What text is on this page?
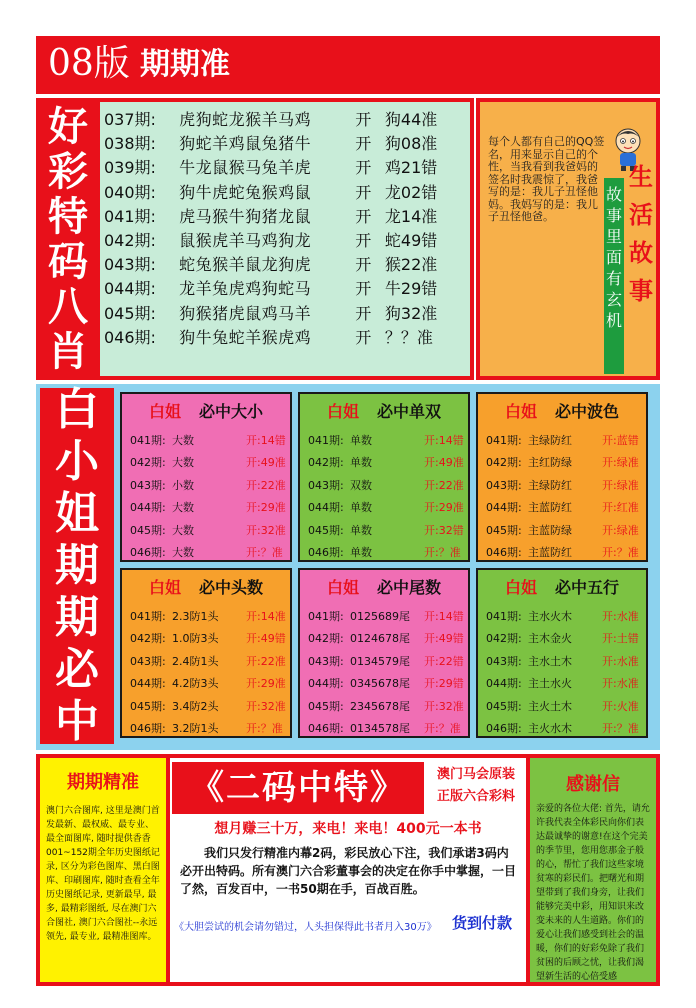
08版 期期准
好
彩
特
码
八
肖
037期:	虎狗蛇龙猴羊马鸡	开 狗44准
038期:	狗蛇羊鸡鼠兔猪牛	开 狗08准
039期:	牛龙鼠猴马兔羊虎	开 鸡21错
040期:	狗牛虎蛇兔猴鸡鼠	开 龙02错
041期:	虎马猴牛狗猪龙鼠	开 龙14准
042期:	鼠猴虎羊马鸡狗龙	开 蛇49错
043期:	蛇兔猴羊鼠龙狗虎	开 猴22准
044期:	龙羊兔虎鸡狗蛇马	开 牛29错
045期:	狗猴猪虎鼠鸡马羊	开 狗32准
046期:	狗牛兔蛇羊猴虎鸡	开 ？？准
每个人都有自己的QQ签名，用来显示自己的个性，当我看到我爸妈的签名时我震惊了，我爸写的是：我儿子丑怪他妈。我妈写的是：我儿子丑怪他爸。
生
活
故
事
故
事
里
面
有
玄
机
白
小
姐
期
期
必
中
白姐 必中大小
041期: 大数	开:14错
042期: 大数	开:49准
043期: 小数	开:22准
044期: 大数	开:29准
045期: 大数	开:32准
046期: 大数	开:？准
白姐 必中单双
041期: 单数	开:14错
042期: 单数	开:49准
043期: 双数	开:22准
044期: 单数	开:29准
045期: 单数	开:32错
046期: 单数	开:？准
白姐 必中波色
041期: 主绿防红	开:蓝错
042期: 主红防绿	开:绿准
043期: 主绿防红	开:绿准
044期: 主蓝防红	开:红准
045期: 主蓝防绿	开:绿准
046期: 主蓝防红	开:？准
白姐 必中头数
041期: 2.3防1头	开:14准
042期: 1.0防3头	开:49错
043期: 2.4防1头	开:22准
044期: 4.2防3头	开:29准
045期: 3.4防2头	开:32准
046期: 3.2防1头	开:？准
白姐 必中尾数
041期: 0125689尾	开:14错
042期: 0124678尾	开:49错
043期: 0134579尾	开:22错
044期: 0345678尾	开:29错
045期: 2345678尾	开:32准
046期: 0134578尾	开:？准
白姐 必中五行
041期: 主水火木	开:水准
042期: 主木金火	开:土错
043期: 主水土木	开:水准
044期: 主土水火	开:水准
045期: 主火土木	开:火准
046期: 主火水木	开:？准
期期精准
澳门六合图库, 这里是澳门首发最新、最权威、最专业、最全面图库, 随时提供香香001~152期全年历史图纸记录, 区分为彩色图库、黑白图库、印刷图库, 随时查看全年历史图纸记录, 更新最早, 最多, 最精彩图纸, 尽在澳门六合图社, 澳门六合图社--永远领先, 最专业, 最精准图库。
《二码中特》	澳门马会原装
正版六合彩料
想月赚三十万，来电！来电！400元一本书
我们只发行精准内幕2码，彩民放心下注，我们承诺3码内必开出特码。所有澳门六合彩董事会的决定在你手中掌握，一目了然，百发百中，一书50期在手，百战百胜。
《大胆尝试的机会请勿错过，人头担保得此书者月入30万》	货到付款
感谢信
亲爱的各位大佬: 首先，请允许我代表全体彩民向你们表达最诚挚的谢意!在这个完美的季节里，您用您那金子般的心，帮忙了我们这些家境贫寒的彩民们。把曙光和期望带到了我们身旁，让我们能够完美中彩，用知识来改变未来的人生道路。你们的爱心让我们感受到社会的温暖，你们的好彩免除了我们贫困的后顾之忧，让我们渴望新生活的心倍受感
